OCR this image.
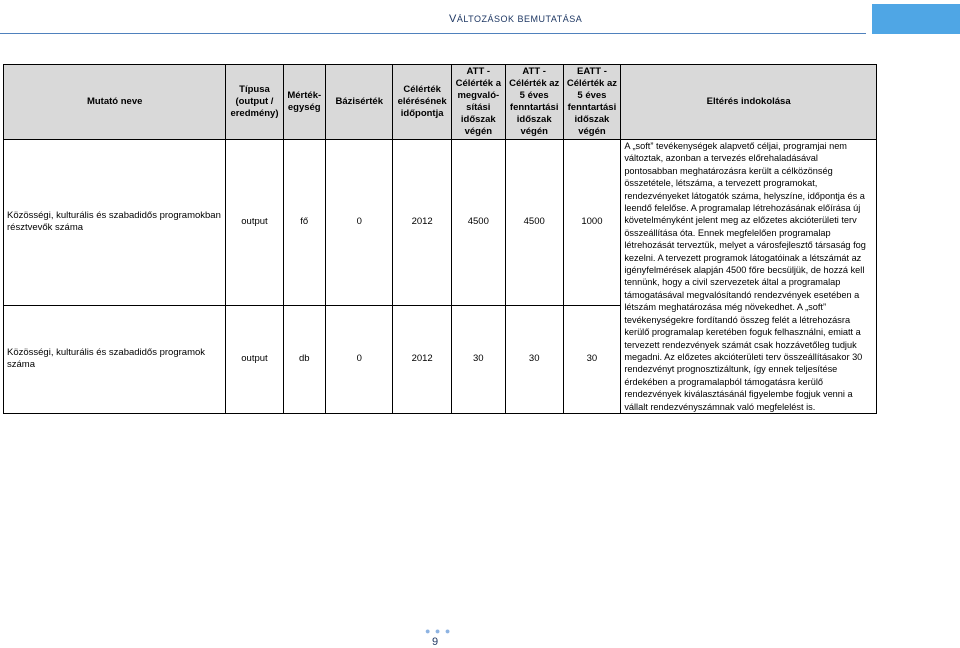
VÁLTOZÁSOK BEMUTATÁSA
Mutató neve	Típusa (output / eredmény)	Mérték-egység	Bázisérték	Célérték elérésének időpontja	ATT - Célérték a megvaló-sítási időszak végén	ATT - Célérték az 5 éves fenntartási időszak végén	EATT - Célérték az 5 éves fenntartási időszak végén	Eltérés indokolása
Közösségi, kulturális és szabadidős programokban résztvevők száma	output	fő	0	2012	4500	4500	1000	A „soft” tevékenységek alapvető céljai, programjai nem változtak, azonban a tervezés előrehaladásával pontosabban meghatározásra került a célközönség összetétele, létszáma, a tervezett programokat, rendezvényeket látogatók száma, helyszíne, időpontja és a leendő felelőse. A programalap létrehozásának előírása új követelményként jelent meg az előzetes akcióterületi terv összeállítása óta. Ennek megfelelően programalap létrehozását terveztük, melyet a városfejlesztő társaság fog kezelni. A tervezett programok látogatóinak a létszámát az igényfelmérések alapján 4500 főre becsüljük, de hozzá kell tennünk, hogy a civil szervezetek által a programalap támogatásával megvalósítandó rendezvények esetében a létszám meghatározása még növekedhet. A „soft” tevékenységekre fordítandó összeg felét a létrehozásra kerülő programalap keretében foguk felhasználni, emiatt a tervezett rendezvények számát csak hozzávetőleg tudjuk megadni. Az előzetes akcióterületi terv összeállításakor 30 rendezvényt prognosztizáltunk, így ennek teljesítése érdekében a programalapból támogatásra kerülő rendezvények kiválasztásánál figyelembe fogjuk venni a vállalt rendezvényszámnak való megfelelést is.
Közösségi, kulturális és szabadidős programok száma	output	db	0	2012	30	30	30	
● ● ●
9
